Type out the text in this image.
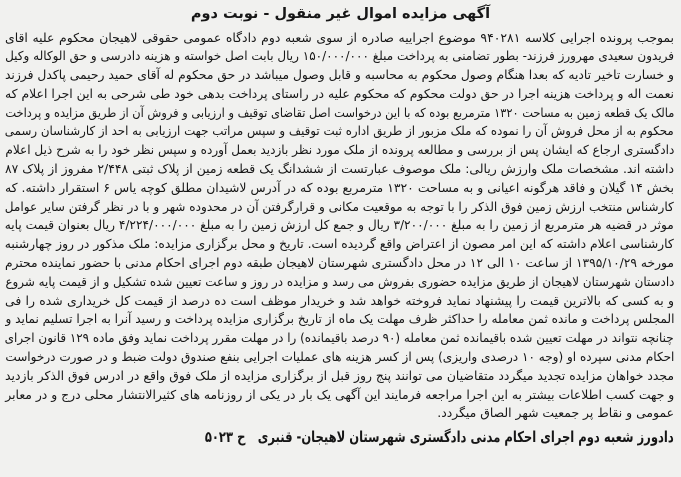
آگهی مزایده اموال غیر منقول - نوبت دوم
بموجب پرونده اجرایی کلاسه ۹۴۰۲۸۱ موضوع اجراییه صادره از سوی شعبه دوم دادگاه عمومی حقوقی لاهیجان محکوم علیه اقای
فریدون سعیدی مهرورز فرزند- بطور تضامنی به پرداخت مبلغ ۱۵۰/۰۰۰/۰۰۰ ریال بابت اصل خواسته و هزینه دادرسی و حق الوکاله وکیل
و خسارت تاخیر تادیه که بعدا هنگام وصول محکوم به محاسبه و قابل وصول میباشد در حق محکوم له آقای حمید رحیمی پاکدل فرزند
نعمت اله و پرداخت هزینه اجرا در حق دولت محکوم که محکوم علیه در راستای پرداخت بدهی خود طی شرحی به این اجرا اعلام که
مالک یک قطعه زمین به مساحت ۱۳۲۰ مترمربع بوده که با این درخواست اصل تقاضای توقیف و ارزیابی و فروش آن از طریق مزایده و پرداخت
محکوم به از محل فروش آن را نموده که ملک مزبور از طریق اداره ثبت توقیف و سپس مراتب جهت ارزیابی به احد از کارشناسان رسمی
دادگستری ارجاع که ایشان پس از بررسی و مطالعه پرونده از ملک مورد نظر بازدید بعمل آورده و سپس نظر خود را به شرح ذیل اعلام
داشته اند. مشخصات ملک وارزش ریالی: ملک موصوف عبارتست از ششدانگ یک قطعه زمین از پلاک ثبتی ۲/۴۴۸ مفروز از پلاک ۸۷
بخش ۱۴ گیلان و فاقد هرگونه اعیانی و به مساحت ۱۳۲۰ مترمربع بوده که در آدرس لاشیدان مطلق کوچه یاس ۶ استقرار داشته. که
کارشناس منتخب ارزش زمین فوق الذکر را با توجه به موقعیت مکانی و قرارگرفتن آن در محدوده شهر و با در نظر گرفتن سایر عوامل
موثر در قضیه هر مترمربع از زمین را به مبلغ ۳/۲۰۰/۰۰۰ ریال و جمع کل ارزش زمین را به مبلغ ۴/۲۲۴/۰۰۰/۰۰۰ ریال بعنوان قیمت پایه
کارشناسی اعلام داشته که این امر مصون از اعتراض واقع گردیده است. تاریخ و محل برگزاری مزایده: ملک مذکور در روز چهارشنبه
مورخه ۱۳۹۵/۱۰/۲۹ از ساعت ۱۰ الی ۱۲ در محل دادگستری شهرستان لاهیجان طبقه دوم اجرای احکام مدنی با حضور نماینده محترم
دادستان شهرستان لاهیجان از طریق مزایده حضوری بفروش می رسد و مزایده در روز و ساعت تعیین شده تشکیل و از قیمت پایه شروع
و به کسی که بالاترین قیمت را پیشنهاد نماید فروخته خواهد شد و خریدار موظف است ده درصد از قیمت کل خریداری شده را فی
المجلس پرداخت و مانده ثمن معامله را حداکثر ظرف مهلت یک ماه از تاریخ برگزاری مزایده پرداخت و رسید آنرا به اجرا تسلیم نماید و
چنانچه نتواند در مهلت تعیین شده باقیمانده ثمن معامله (۹۰ درصد باقیمانده) را در مهلت مقرر پرداخت نماید وفق ماده ۱۲۹ قانون اجرای
احکام مدنی سپرده او (وجه ۱۰ درصدی واریزی) پس از کسر هزینه های عملیات اجرایی بنفع صندوق دولت ضبط و در صورت درخواست
مجدد خواهان مزایده تجدید میگردد متقاضیان می توانند پنج روز قبل از برگزاری مزایده از ملک فوق واقع در ادرس فوق الذکر بازدید
و جهت کسب اطلاعات بیشتر به این اجرا مراجعه فرمایند این آگهی یک بار در یکی از روزنامه های کثیرالانتشار محلی درج و در معابر
عمومی و نقاط پر جمعیت شهر الصاق میگردد.
دادورز شعبه دوم اجرای احکام مدنی دادگستری شهرستان لاهیجان- قنبریح ۵۰۲۳
